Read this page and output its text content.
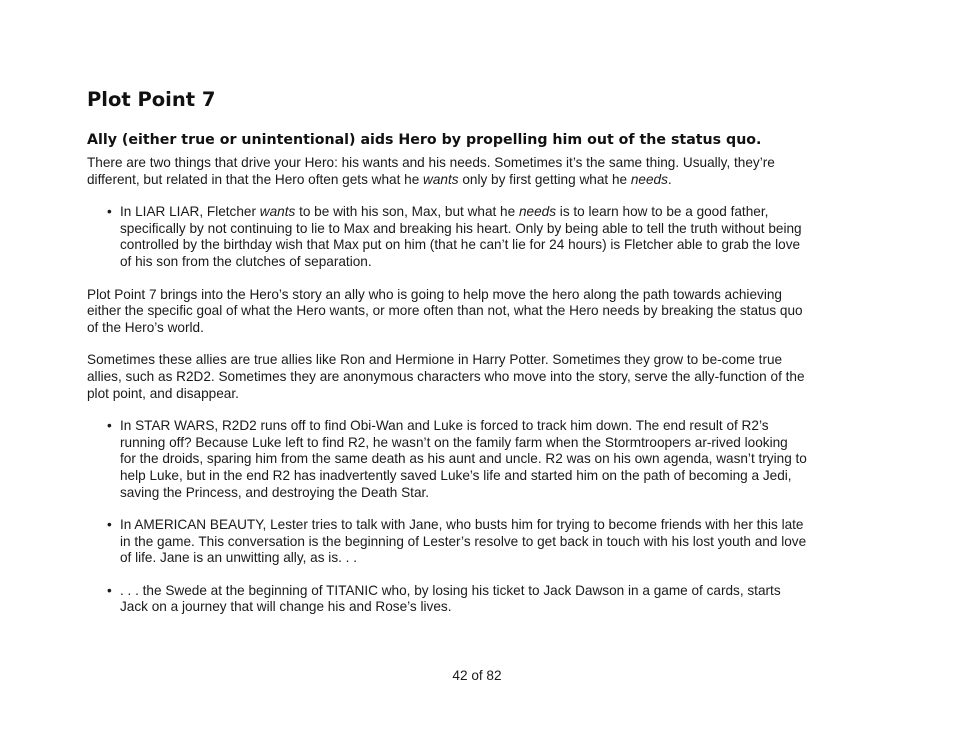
Plot Point 7
Ally (either true or unintentional) aids Hero by propelling him out of the status quo.

There are two things that drive your Hero: his wants and his needs. Sometimes it’s the same thing. Usually, they’re different, but related in that the Hero often gets what he wants only by first getting what he needs.

• In LIAR LIAR, Fletcher wants to be with his son, Max, but what he needs is to learn how to be a good father, specifically by not continuing to lie to Max and breaking his heart. Only by being able to tell the truth without being controlled by the birthday wish that Max put on him (that he can’t lie for 24 hours) is Fletcher able to grab the love of his son from the clutches of separation.

Plot Point 7 brings into the Hero’s story an ally who is going to help move the hero along the path towards achieving either the specific goal of what the Hero wants, or more often than not, what the Hero needs by breaking the status quo of the Hero’s world.

Sometimes these allies are true allies like Ron and Hermione in Harry Potter. Sometimes they grow to be-come true allies, such as R2D2. Sometimes they are anonymous characters who move into the story, serve the ally-function of the plot point, and disappear.

• In STAR WARS, R2D2 runs off to find Obi-Wan and Luke is forced to track him down. The end result of R2’s running off? Because Luke left to find R2, he wasn’t on the family farm when the Stormtroopers ar-rived looking for the droids, sparing him from the same death as his aunt and uncle. R2 was on his own agenda, wasn’t trying to help Luke, but in the end R2 has inadvertently saved Luke’s life and started him on the path of becoming a Jedi, saving the Princess, and destroying the Death Star.
• In AMERICAN BEAUTY, Lester tries to talk with Jane, who busts him for trying to become friends with her this late in the game. This conversation is the beginning of Lester’s resolve to get back in touch with his lost youth and love of life. Jane is an unwitting ally, as is. . .
• . . . the Swede at the beginning of TITANIC who, by losing his ticket to Jack Dawson in a game of cards, starts Jack on a journey that will change his and Rose’s lives.
42 of 82
